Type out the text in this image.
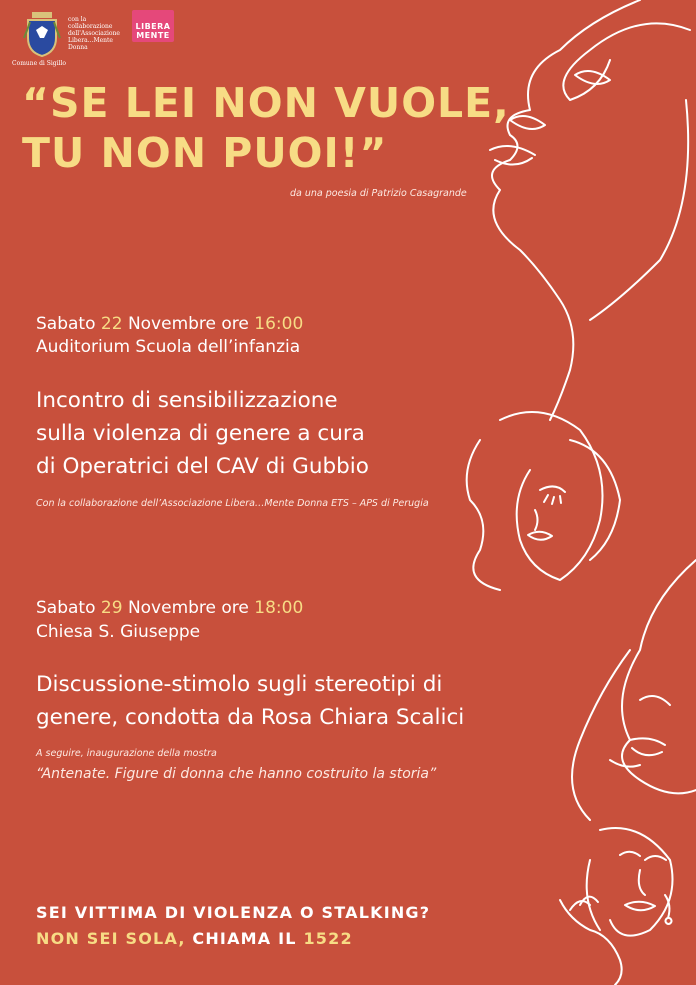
Comune di Sigillo
con la collaborazione dell'Associazione Libera...Mente Donna
LIBERA MENTE
“SE LEI NON VUOLE,
TU NON PUOI!”
da una poesia di Patrizio Casagrande
Sabato 22 Novembre ore 16:00
Auditorium Scuola dell’infanzia
Incontro di sensibilizzazione
sulla violenza di genere a cura
di Operatrici del CAV di Gubbio
Con la collaborazione dell’Associazione Libera…Mente Donna ETS – APS di Perugia
Sabato 29 Novembre ore 18:00
Chiesa S. Giuseppe
Discussione-stimolo sugli stereotipi di
genere, condotta da Rosa Chiara Scalici
A seguire, inaugurazione della mostra
“Antenate. Figure di donna che hanno costruito la storia”
SEI VITTIMA DI VIOLENZA O STALKING?
NON SEI SOLA, CHIAMA IL 1522
